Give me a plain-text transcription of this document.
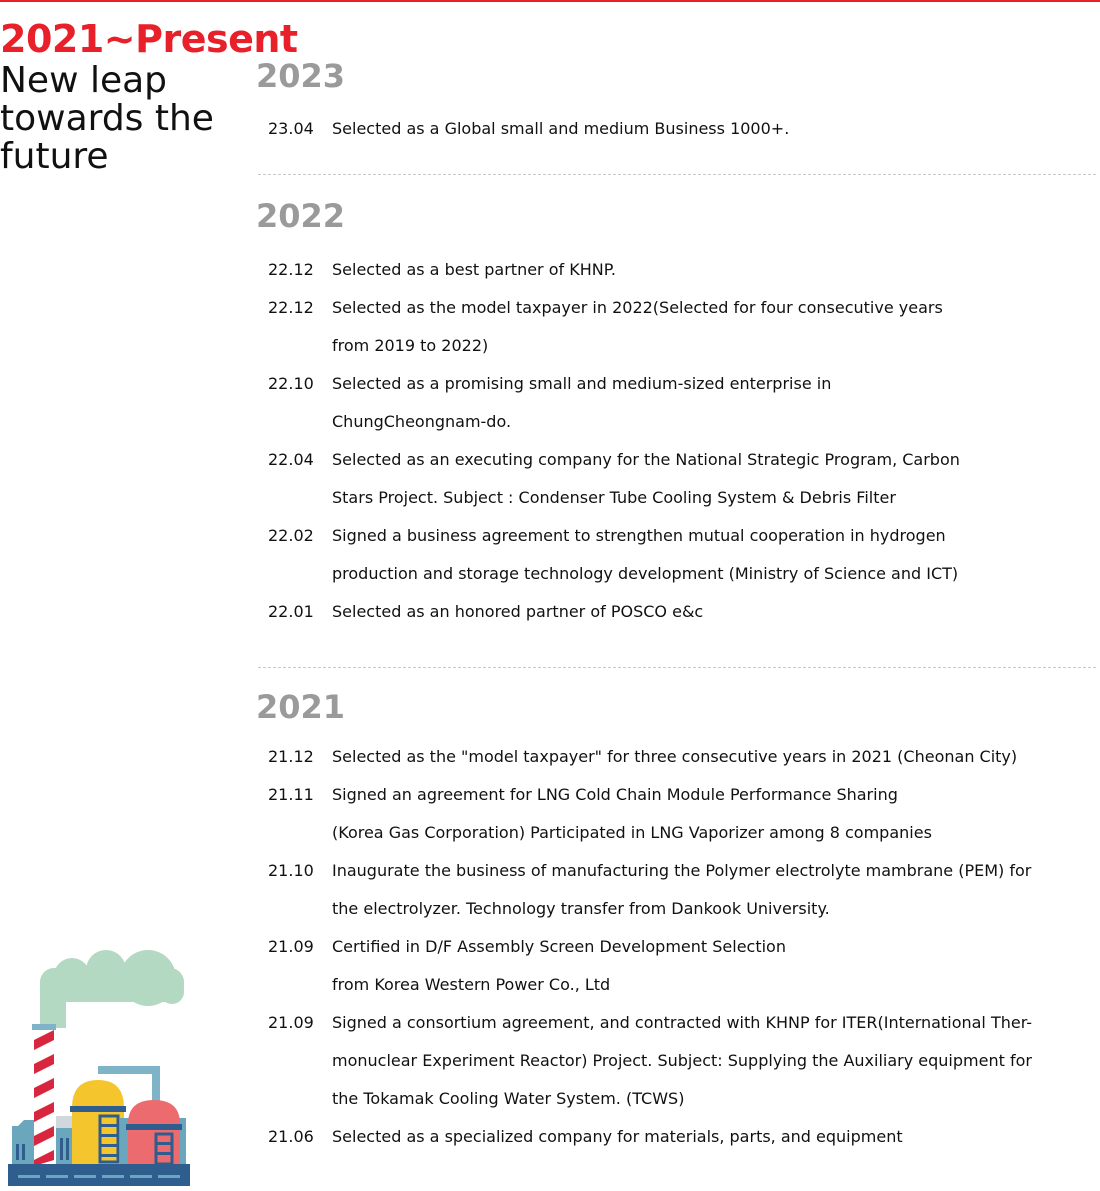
2021~Present
New leap
towards the
future
2023
23.04 Selected as a Global small and medium Business 1000+.
2022
22.12 Selected as a best partner of KHNP.
22.12 Selected as the model taxpayer in 2022(Selected for four consecutive years
from 2019 to 2022)
22.10 Selected as a promising small and medium-sized enterprise in
ChungCheongnam-do.
22.04 Selected as an executing company for the National Strategic Program, Carbon
Stars Project. Subject : Condenser Tube Cooling System & Debris Filter
22.02 Signed a business agreement to strengthen mutual cooperation in hydrogen
production and storage technology development (Ministry of Science and ICT)
22.01 Selected as an honored partner of POSCO e&c
2021
21.12 Selected as the "model taxpayer" for three consecutive years in 2021 (Cheonan City)
21.11 Signed an agreement for LNG Cold Chain Module Performance Sharing
(Korea Gas Corporation) Participated in LNG Vaporizer among 8 companies
21.10 Inaugurate the business of manufacturing the Polymer electrolyte mambrane (PEM) for
the electrolyzer. Technology transfer from Dankook University.
21.09 Certified in D/F Assembly Screen Development Selection
from Korea Western Power Co., Ltd
21.09 Signed a consortium agreement, and contracted with KHNP for ITER(International Ther-
monuclear Experiment Reactor) Project. Subject: Supplying the Auxiliary equipment for
the Tokamak Cooling Water System. (TCWS)
21.06 Selected as a specialized company for materials, parts, and equipment
